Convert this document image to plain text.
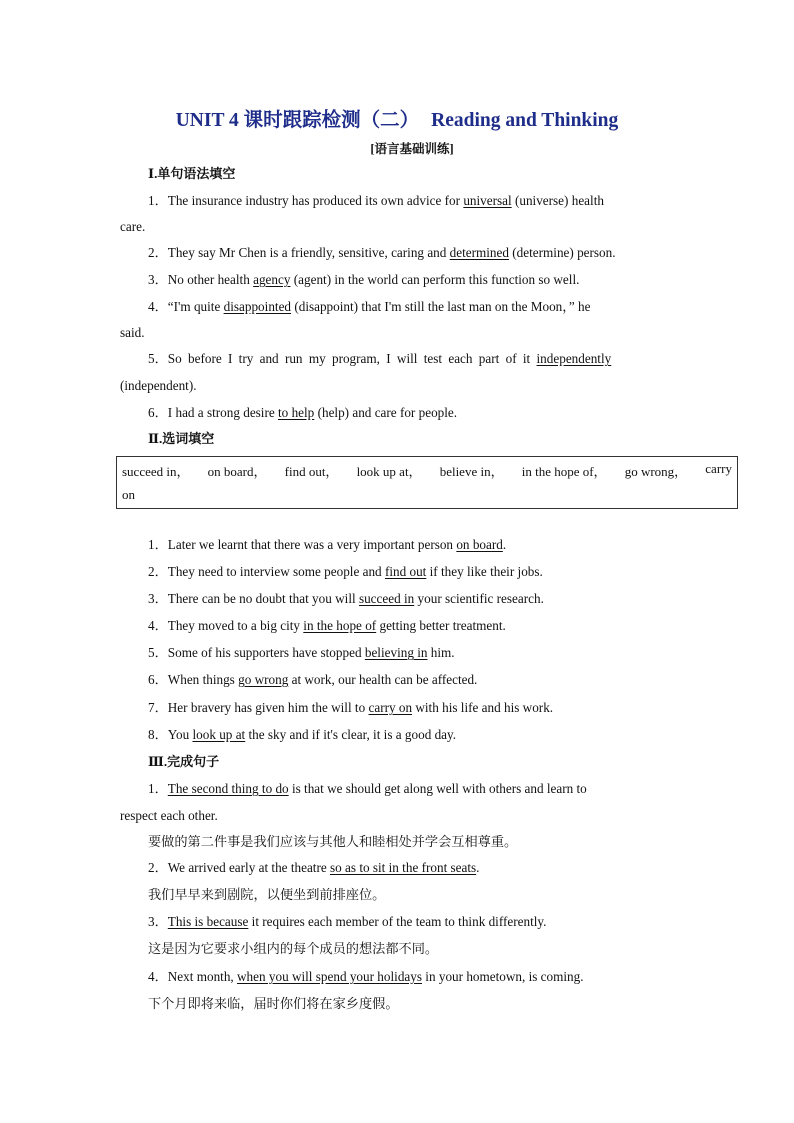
UNIT 4 课时跟踪检测（二） Reading and Thinking
[语言基础训练]
Ⅰ.单句语法填空
1．The insurance industry has produced its own advice for universal (universe) health
care.
2．They say Mr Chen is a friendly, sensitive, caring and determined (determine) person.
3．No other health agency (agent) in the world can perform this function so well.
4．“I'm quite disappointed (disappoint) that I'm still the last man on the Moon，” he
said.
5．So before I try and run my program, I will test each part of it independently
(independent).
6．I had a strong desire to help (help) and care for people.
Ⅱ.选词填空
succeed in， on board， find out， look up at， believe in， in the hope of， go wrong， carry
on
1．Later we learnt that there was a very important person on board.
2．They need to interview some people and find out if they like their jobs.
3．There can be no doubt that you will succeed in your scientific research.
4．They moved to a big city in the hope of getting better treatment.
5．Some of his supporters have stopped believing in him.
6．When things go wrong at work, our health can be affected.
7．Her bravery has given him the will to carry on with his life and his work.
8．You look up at the sky and if it's clear, it is a good day.
Ⅲ.完成句子
1．The second thing to do is that we should get along well with others and learn to
respect each other.
要做的第二件事是我们应该与其他人和睦相处并学会互相尊重。
2．We arrived early at the theatre so as to sit in the front seats.
我们早早来到剧院，以便坐到前排座位。
3．This is because it requires each member of the team to think differently.
这是因为它要求小组内的每个成员的想法都不同。
4．Next month, when you will spend your holidays in your hometown, is coming.
下个月即将来临，届时你们将在家乡度假。
